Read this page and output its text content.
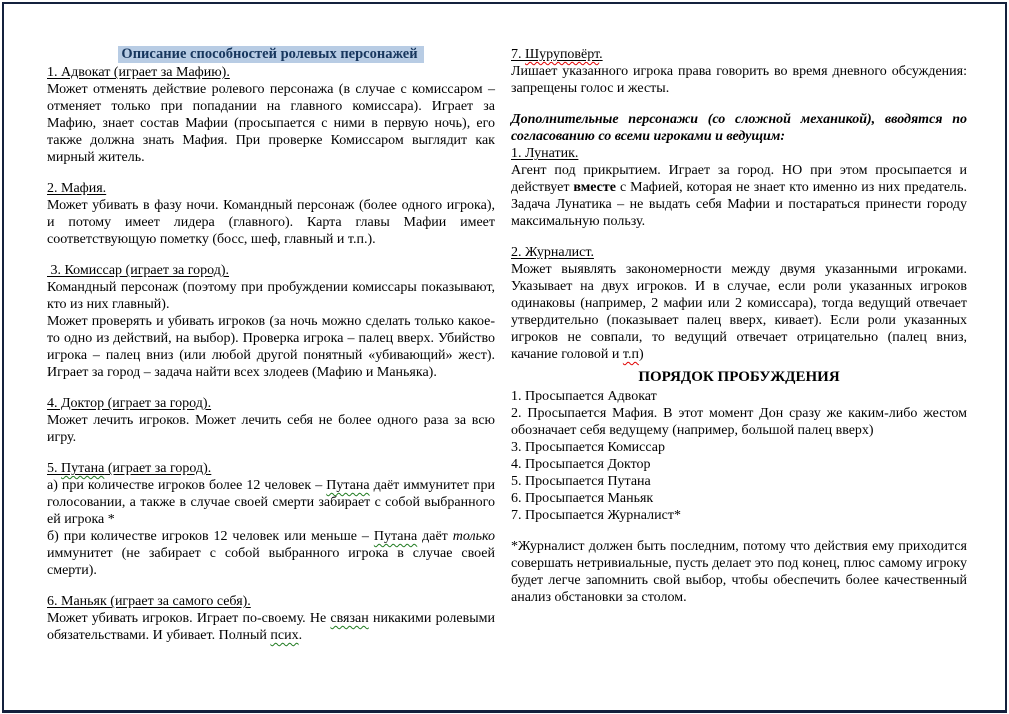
Описание способностей ролевых персонажей
1. Адвокат (играет за Мафию).
Может отменять действие ролевого персонажа (в случае с комиссаром – отменяет только при попадании на главного комиссара). Играет за Мафию, знает состав Мафии (просыпается с ними в первую ночь), его также должна знать Мафия. При проверке Комиссаром выглядит как мирный житель.
2. Мафия.
Может убивать в фазу ночи. Командный персонаж (более одного игрока), и потому имеет лидера (главного). Карта главы Мафии имеет соответствующую пометку (босс, шеф, главный и т.п.).
3. Комиссар (играет за город).
Командный персонаж (поэтому при пробуждении комиссары показывают, кто из них главный).
Может проверять и убивать игроков (за ночь можно сделать только какое-то одно из действий, на выбор). Проверка игрока – палец вверх. Убийство игрока – палец вниз (или любой другой понятный «убивающий» жест). Играет за город – задача найти всех злодеев (Мафию и Маньяка).
4. Доктор (играет за город).
Может лечить игроков. Может лечить себя не более одного раза за всю игру.
5. Путана (играет за город).
а) при количестве игроков более 12 человек – Путана даёт иммунитет при голосовании, а также в случае своей смерти забирает с собой выбранного ей игрока *
б) при количестве игроков 12 человек или меньше – Путана даёт только иммунитет (не забирает с собой выбранного игрока в случае своей смерти).
6. Маньяк (играет за самого себя).
Может убивать игроков. Играет по-своему. Не связан никакими ролевыми обязательствами. И убивает. Полный псих.
7. Шуруповёрт.
Лишает указанного игрока права говорить во время дневного обсуждения: запрещены голос и жесты.
Дополнительные персонажи (со сложной механикой), вводятся по согласованию со всеми игроками и ведущим:
1. Лунатик.
Агент под прикрытием. Играет за город. НО при этом просыпается и действует вместе с Мафией, которая не знает кто именно из них предатель. Задача Лунатика – не выдать себя Мафии и постараться принести городу максимальную пользу.
2. Журналист.
Может выявлять закономерности между двумя указанными игроками. Указывает на двух игроков. И в случае, если роли указанных игроков одинаковы (например, 2 мафии или 2 комиссара), тогда ведущий отвечает утвердительно (показывает палец вверх, кивает). Если роли указанных игроков не совпали, то ведущий отвечает отрицательно (палец вниз, качание головой и т.п)
ПОРЯДОК ПРОБУЖДЕНИЯ
1. Просыпается Адвокат
2. Просыпается Мафия. В этот момент Дон сразу же каким-либо жестом обозначает себя ведущему (например, большой палец вверх)
3. Просыпается Комиссар
4. Просыпается Доктор
5. Просыпается Путана
6. Просыпается Маньяк
7. Просыпается Журналист*
*Журналист должен быть последним, потому что действия ему приходится совершать нетривиальные, пусть делает это под конец, плюс самому игроку будет легче запомнить свой выбор, чтобы обеспечить более качественный анализ обстановки за столом.
